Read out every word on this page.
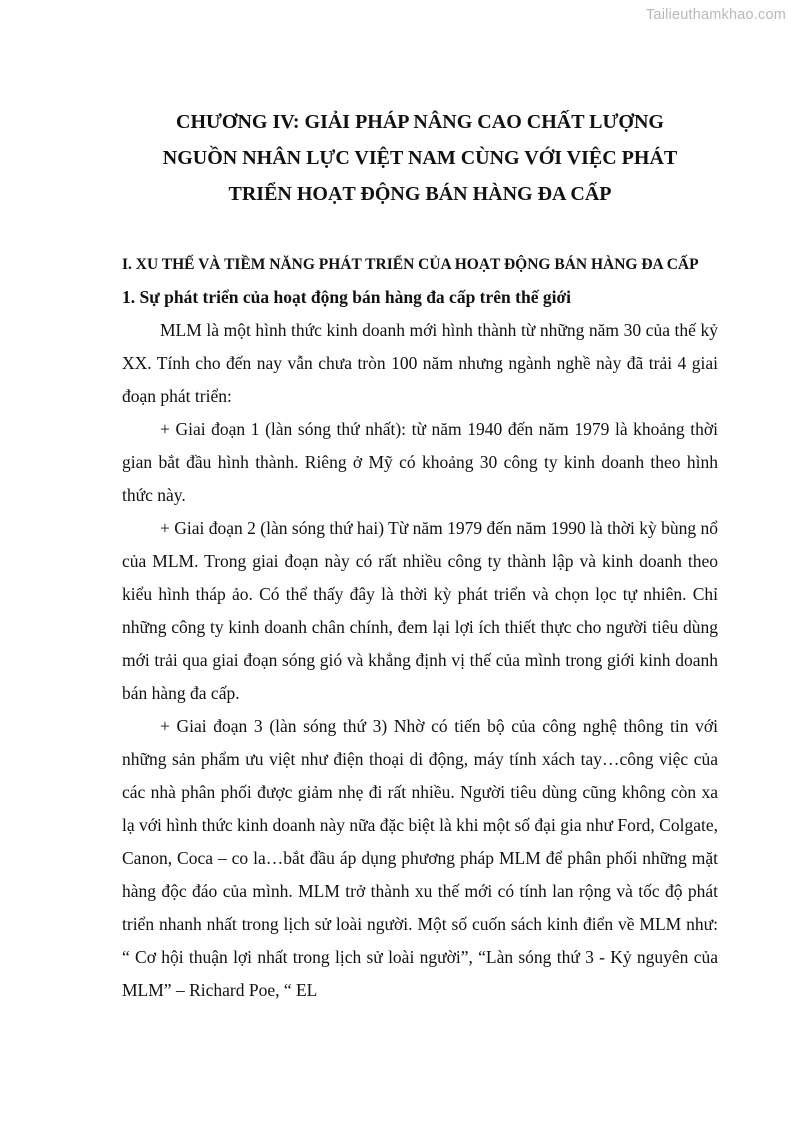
Tailieuthamkhao.com
CHƯƠNG IV: GIẢI PHÁP NÂNG CAO CHẤT LƯỢNG
NGUỒN NHÂN LỰC VIỆT NAM CÙNG VỚI VIỆC PHÁT
TRIỂN HOẠT ĐỘNG BÁN HÀNG ĐA CẤP
I. XU THẾ VÀ TIỀM NĂNG PHÁT TRIỂN CỦA HOẠT ĐỘNG BÁN HÀNG ĐA CẤP
1. Sự phát triển của hoạt động bán hàng đa cấp trên thế giới

MLM là một hình thức kinh doanh mới hình thành từ những năm 30 của thế kỷ XX. Tính cho đến nay vẫn chưa tròn 100 năm nhưng ngành nghề này đã trải 4 giai đoạn phát triển:

+ Giai đoạn 1 (làn sóng thứ nhất): từ năm 1940 đến năm 1979 là khoảng thời gian bắt đầu hình thành. Riêng ở Mỹ có khoảng 30 công ty kinh doanh theo hình thức này.

+ Giai đoạn 2 (làn sóng thứ hai) Từ năm 1979 đến năm 1990 là thời kỳ bùng nổ của MLM. Trong giai đoạn này có rất nhiều công ty thành lập và kinh doanh theo kiểu hình tháp ảo. Có thể thấy đây là thời kỳ phát triển và chọn lọc tự nhiên. Chỉ những công ty kinh doanh chân chính, đem lại lợi ích thiết thực cho người tiêu dùng mới trải qua giai đoạn sóng gió và khẳng định vị thế của mình trong giới kinh doanh bán hàng đa cấp.

+ Giai đoạn 3 (làn sóng thứ 3) Nhờ có tiến bộ của công nghệ thông tin với những sản phẩm ưu việt như điện thoại di động, máy tính xách tay…công việc của các nhà phân phối được giảm nhẹ đi rất nhiều. Người tiêu dùng cũng không còn xa lạ với hình thức kinh doanh này nữa đặc biệt là khi một số đại gia như Ford, Colgate, Canon, Coca – co la…bắt đầu áp dụng phương pháp MLM để phân phối những mặt hàng độc đáo của mình. MLM trở thành xu thế mới có tính lan rộng và tốc độ phát triển nhanh nhất trong lịch sử loài người. Một số cuốn sách kinh điển về MLM như: “ Cơ hội thuận lợi nhất trong lịch sử loài người”, “Làn sóng thứ 3 - Kỷ nguyên của MLM” – Richard Poe, “ EL
